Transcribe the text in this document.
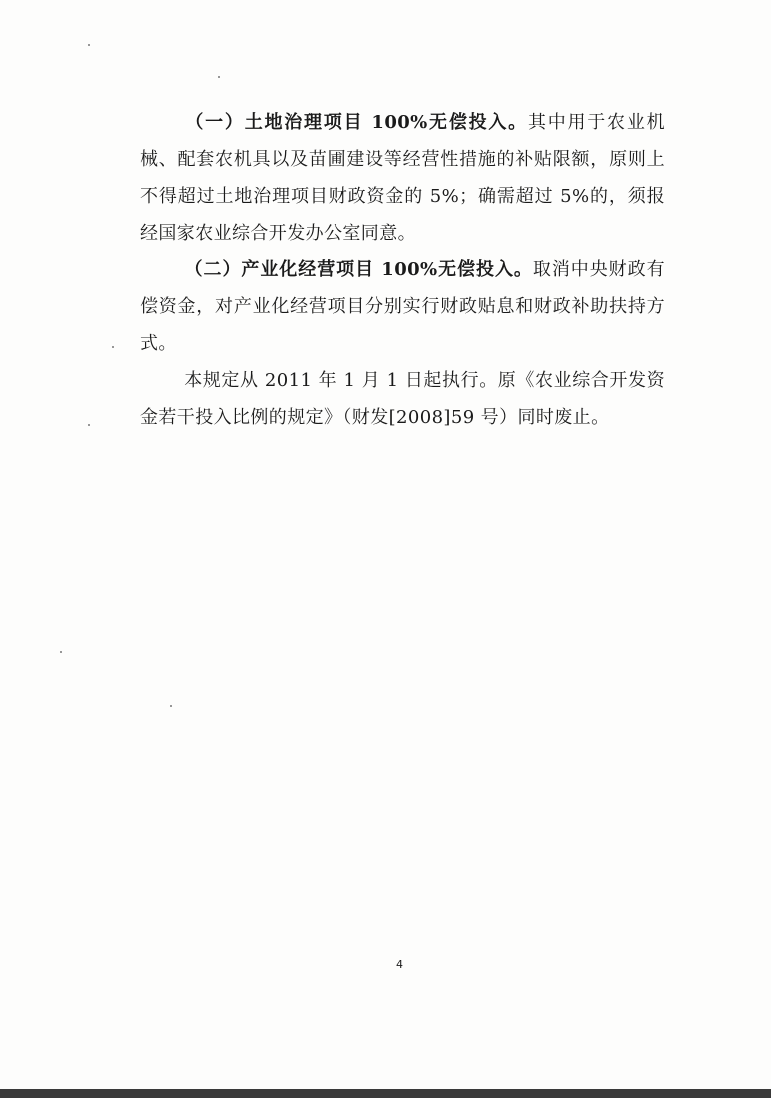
（一）土地治理项目 100%无偿投入。其中用于农业机械、配套农机具以及苗圃建设等经营性措施的补贴限额，原则上不得超过土地治理项目财政资金的 5%；确需超过 5%的，须报经国家农业综合开发办公室同意。

（二）产业化经营项目 100%无偿投入。取消中央财政有偿资金，对产业化经营项目分别实行财政贴息和财政补助扶持方式。

本规定从 2011 年 1 月 1 日起执行。原《农业综合开发资金若干投入比例的规定》（财发[2008]59 号）同时废止。

4
